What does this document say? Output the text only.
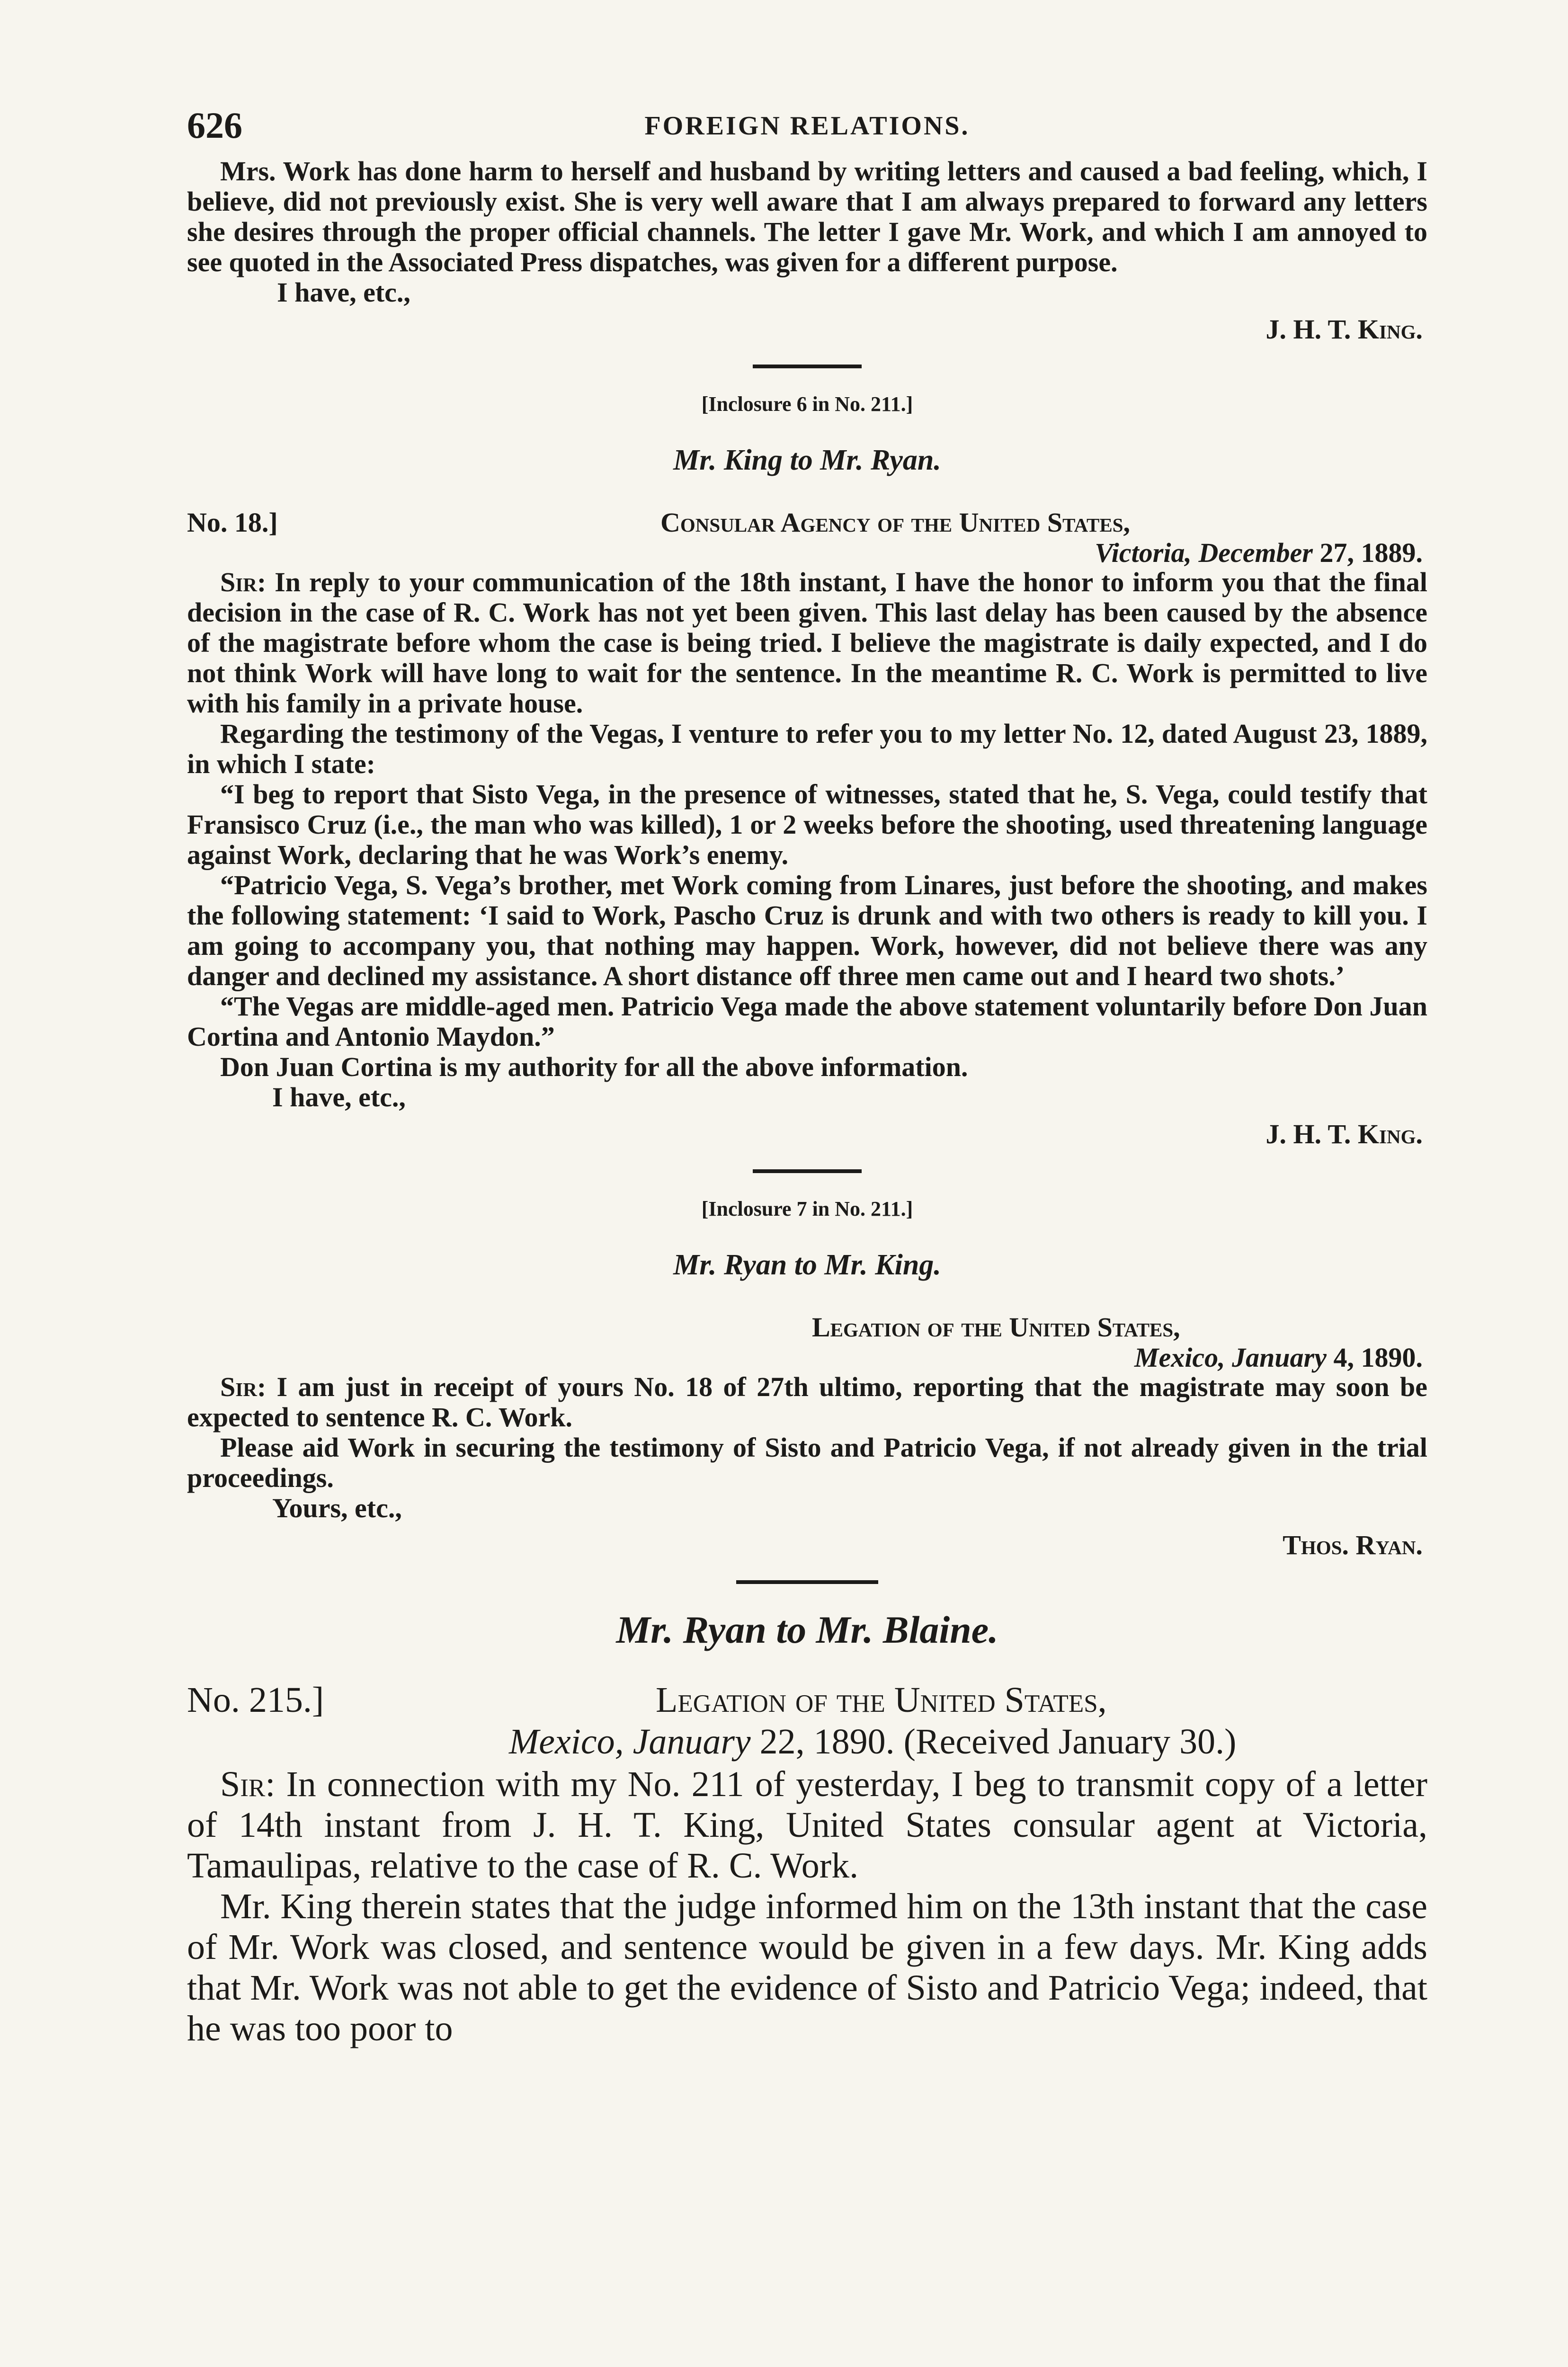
626	FOREIGN RELATIONS.

Mrs. Work has done harm to herself and husband by writing letters and caused a bad feeling, which, I believe, did not previously exist. She is very well aware that I am always prepared to forward any letters she desires through the proper official channels. The letter I gave Mr. Work, and which I am annoyed to see quoted in the Associated Press dispatches, was given for a different purpose.

I have, etc.,

J. H. T. King.

[Inclosure 6 in No. 211.]
Mr. King to Mr. Ryan.
No. 18.]	Consular Agency of the United States,
Victoria, December 27, 1889.

Sir: In reply to your communication of the 18th instant, I have the honor to inform you that the final decision in the case of R. C. Work has not yet been given. This last delay has been caused by the absence of the magistrate before whom the case is being tried. I believe the magistrate is daily expected, and I do not think Work will have long to wait for the sentence. In the meantime R. C. Work is permitted to live with his family in a private house.

Regarding the testimony of the Vegas, I venture to refer you to my letter No. 12, dated August 23, 1889, in which I state:

“I beg to report that Sisto Vega, in the presence of witnesses, stated that he, S. Vega, could testify that Fransisco Cruz (i.e., the man who was killed), 1 or 2 weeks before the shooting, used threatening language against Work, declaring that he was Work’s enemy.

“Patricio Vega, S. Vega’s brother, met Work coming from Linares, just before the shooting, and makes the following statement: ‘I said to Work, Pascho Cruz is drunk and with two others is ready to kill you. I am going to accompany you, that nothing may happen. Work, however, did not believe there was any danger and declined my assistance. A short distance off three men came out and I heard two shots.’

“The Vegas are middle-aged men. Patricio Vega made the above statement voluntarily before Don Juan Cortina and Antonio Maydon.”

Don Juan Cortina is my authority for all the above information.

I have, etc.,

J. H. T. King.

[Inclosure 7 in No. 211.]
Mr. Ryan to Mr. King.
Legation of the United States,
Mexico, January 4, 1890.

Sir: I am just in receipt of yours No. 18 of 27th ultimo, reporting that the magistrate may soon be expected to sentence R. C. Work.

Please aid Work in securing the testimony of Sisto and Patricio Vega, if not already given in the trial proceedings.

Yours, etc.,

Thos. Ryan.

Mr. Ryan to Mr. Blaine.
No. 215.]	Legation of the United States,
Mexico, January 22, 1890. (Received January 30.)

Sir: In connection with my No. 211 of yesterday, I beg to transmit copy of a letter of 14th instant from J. H. T. King, United States consular agent at Victoria, Tamaulipas, relative to the case of R. C. Work.

Mr. King therein states that the judge informed him on the 13th instant that the case of Mr. Work was closed, and sentence would be given in a few days. Mr. King adds that Mr. Work was not able to get the evidence of Sisto and Patricio Vega; indeed, that he was too poor to
